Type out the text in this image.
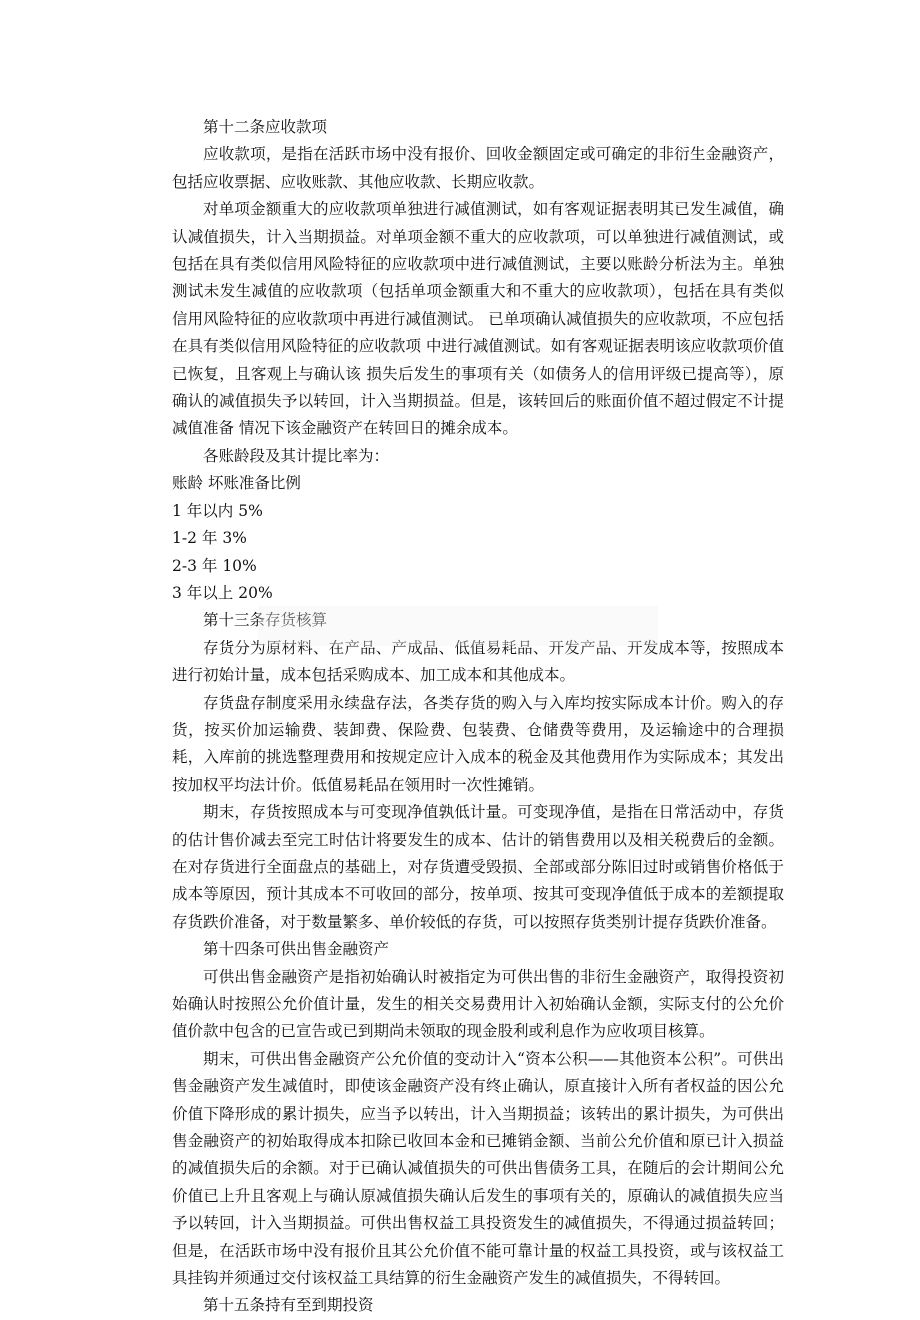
第十二条应收款项

应收款项，是指在活跃市场中没有报价、回收金额固定或可确定的非衍生金融资产，包括应收票据、应收账款、其他应收款、长期应收款。

对单项金额重大的应收款项单独进行减值测试，如有客观证据表明其已发生减值，确认减值损失，计入当期损益。对单项金额不重大的应收款项，可以单独进行减值测试，或包括在具有类似信用风险特征的应收款项中进行减值测试，主要以账龄分析法为主。单独测试未发生减值的应收款项（包括单项金额重大和不重大的应收款项），包括在具有类似信用风险特征的应收款项中再进行减值测试。 已单项确认减值损失的应收款项，不应包括在具有类似信用风险特征的应收款项 中进行减值测试。如有客观证据表明该应收款项价值已恢复，且客观上与确认该 损失后发生的事项有关（如债务人的信用评级已提高等），原确认的减值损失予以转回，计入当期损益。但是，该转回后的账面价值不超过假定不计提减值准备 情况下该金融资产在转回日的摊余成本。

各账龄段及其计提比率为：

账龄 坏账准备比例

1 年以内 5%

1-2 年 3%

2-3 年 10%

3 年以上 20%

第十三条存货核算

存货分为原材料、在产品、产成品、低值易耗品、开发产品、开发成本等，按照成本进行初始计量，成本包括采购成本、加工成本和其他成本。

存货盘存制度采用永续盘存法，各类存货的购入与入库均按实际成本计价。购入的存货，按买价加运输费、装卸费、保险费、包装费、仓储费等费用，及运输途中的合理损耗，入库前的挑选整理费用和按规定应计入成本的税金及其他费用作为实际成本；其发出按加权平均法计价。低值易耗品在领用时一次性摊销。

期末，存货按照成本与可变现净值孰低计量。可变现净值，是指在日常活动中，存货的估计售价减去至完工时估计将要发生的成本、估计的销售费用以及相关税费后的金额。在对存货进行全面盘点的基础上，对存货遭受毁损、全部或部分陈旧过时或销售价格低于成本等原因，预计其成本不可收回的部分，按单项、按其可变现净值低于成本的差额提取存货跌价准备，对于数量繁多、单价较低的存货，可以按照存货类别计提存货跌价准备。

第十四条可供出售金融资产

可供出售金融资产是指初始确认时被指定为可供出售的非衍生金融资产，取得投资初始确认时按照公允价值计量，发生的相关交易费用计入初始确认金额，实际支付的公允价值价款中包含的已宣告或已到期尚未领取的现金股利或利息作为应收项目核算。

期末，可供出售金融资产公允价值的变动计入“资本公积——其他资本公积”。可供出售金融资产发生减值时，即使该金融资产没有终止确认，原直接计入所有者权益的因公允价值下降形成的累计损失，应当予以转出，计入当期损益；该转出的累计损失，为可供出售金融资产的初始取得成本扣除已收回本金和已摊销金额、当前公允价值和原已计入损益的减值损失后的余额。对于已确认减值损失的可供出售债务工具，在随后的会计期间公允价值已上升且客观上与确认原减值损失确认后发生的事项有关的，原确认的减值损失应当予以转回，计入当期损益。可供出售权益工具投资发生的减值损失，不得通过损益转回；但是，在活跃市场中没有报价且其公允价值不能可靠计量的权益工具投资，或与该权益工具挂钩并须通过交付该权益工具结算的衍生金融资产发生的减值损失，不得转回。

第十五条持有至到期投资
